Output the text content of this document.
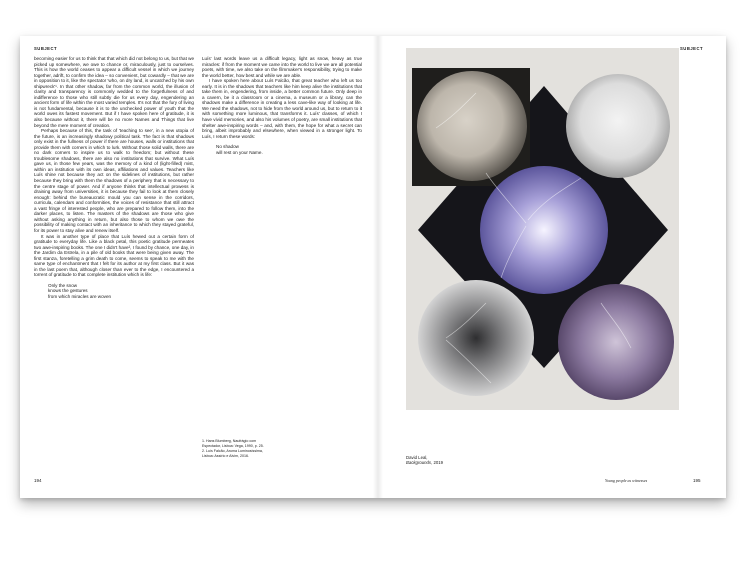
SUBJECT

becoming easier for us to think that that which did not belong to us, but that we picked up somewhere, we owe to chance or, miraculously, just to ourselves. This is how the world ceases to appear a difficult vessel in which we journey together, adrift, to confirm the idea – so convenient, but cowardly – that we are in opposition to it, like the spectator 'who, on dry land, is uncatched by his own shipwreck'¹. In that other shadow, far from the common world, the illusion of clarity and transparency is commonly wedded to the forgetfulness of and indifference to those who still subtly die for us every day, engendering an ancient form of life within the most varied temples. It's not that the fury of living is not fundamental, because it is to the unchecked power of youth that the world owes its fastest movement. But if I have spoken here of gratitude, it is also because without it, there will be no more Names and Things that live beyond the mere moment of creation.

Perhaps because of this, the task of 'teaching to see', in a new utopia of the future, is an increasingly shadowy political task. The fact is that shadows only exist in the fullness of power if there are houses, walls or institutions that provide them with corners in which to lurk. Without those solid walls, there are no dark corners to inspire us to walk to freedom; but without these troublesome shadows, there are also no institutions that survive. What Luís gave us, in those few years, was the memory of a kind of (light-filled) mist, within an institution with its own ideas, affiliations and values. Teachers like Luís shine not because they act on the sidelines of institutions, but rather because they bring with them the shadows of a periphery that is necessary to the centre stage of power. And if anyone thinks that intellectual prowess is draining away from universities, it is because they fail to look at them closely enough: behind the bureaucratic mould you can sense in the corridors, curricula, calendars and conformities, the voices of resistance that still attract a vast fringe of interested people, who are prepared to follow them, into the darker places, to listen. The masters of the shadows are those who give without asking anything in return, but also those to whom we owe the possibility of making contact with an inheritance to which they stayed grateful, for its power to stay alive and renew itself.

It was in another type of place that Luís hewed out a certain form of gratitude to everyday life. Like a black petal, this poetic gratitude permeates two awe-inspiring books. The one I didn't have², I found by chance, one day, in the Jardim da Estrela, in a pile of old books that were being given away. The first stanza, foretelling a grim death to come, seems to speak to me with the same type of enchantment that I felt for its author at my first class. But it was in the last poem that, although closer than ever to the edge, I encountered a torrent of gratitude to that complete institution which is life:

Only the snow
knows the gestures
from which miracles are woven

Luís' last words leave us a difficult legacy, light as snow, heavy as true miracles: if from the moment we came into the world to live we are all potential poets, with time, we also take on the filmmaker's responsibility, trying to make the world better, how best and while we are able.

I have spoken here about Luís Falcão, that great teacher who left us too early. It is in the shadows that teachers like him keep alive the institutions that take them in, engendering, from inside, a better common future. Only deep in a cavern, be it a classroom or a cinema, a museum or a library, can the shadows make a difference in creating a less cave-like way of looking at life. We need the shadows, not to hide from the world around us, but to return to it with something more luminous, that transforms it. Luís' classes, of which I have vivid memories, and also his volumes of poetry, are small institutions that shelter awe-inspiring words – and, with them, the hope for what a secret can bring, albeit improbably and elsewhere, when viewed in a stronger light. To Luís, I return these words:

No shadow
will rest on your Name.

1. Hans Blumberg, Naufrágio com Espectador, Lisboa: Vega, 1990, p. 25.

2. Luís Falcão, Aruma Luminosíssima, Lisboa: Assírio e Alvim, 2016.

194
SUBJECT
David Leal,
Backgrounds, 2019
Young people as witnesses	195
